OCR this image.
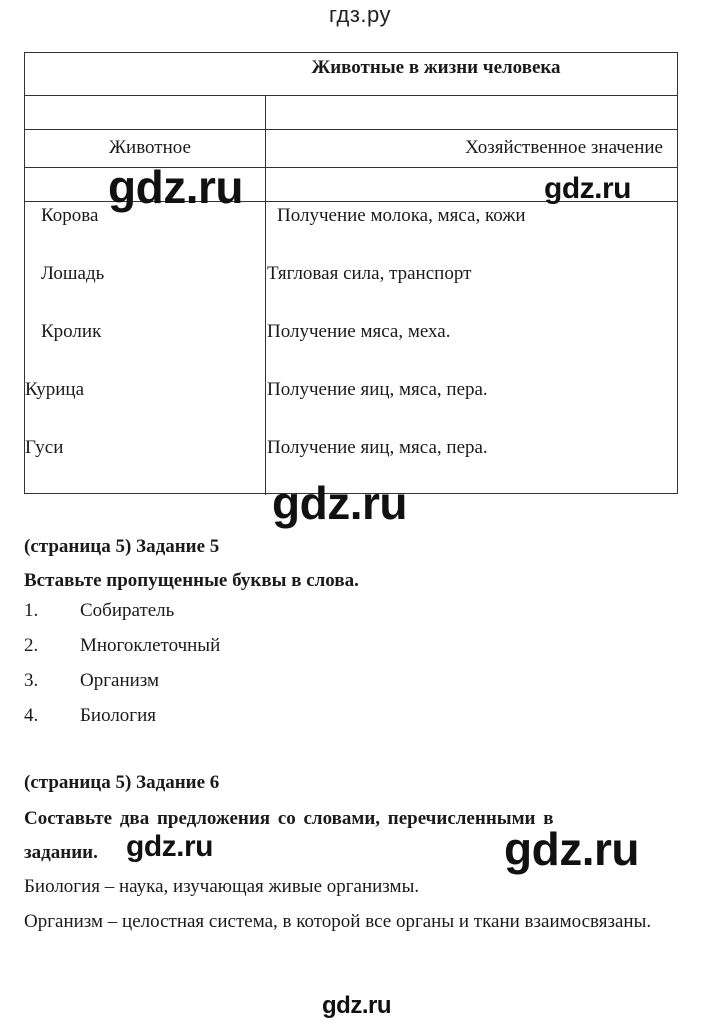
гдз.ру
Животные в жизни человека
Животное	Хозяйственное значение
Корова	Получение молока, мяса, кожи
Лошадь	Тягловая сила, транспорт
Кролик	Получение мяса, меха.
Курица	Получение яиц, мяса, пера.
Гуси	Получение яиц, мяса, пера.
gdz.ru	gdz.ru
gdz.ru
gdz.ru	gdz.ru
gdz.ru
(страница 5) Задание 5
Вставьте пропущенные буквы в слова.
1. Собиратель
2. Многоклеточный
3. Организм
4. Биология
(страница 5) Задание 6
Составьте два предложения со словами, перечисленными в
задании.
Биология – наука, изучающая живые организмы.
Организм – целостная система, в которой все органы и ткани взаимосвязаны.
